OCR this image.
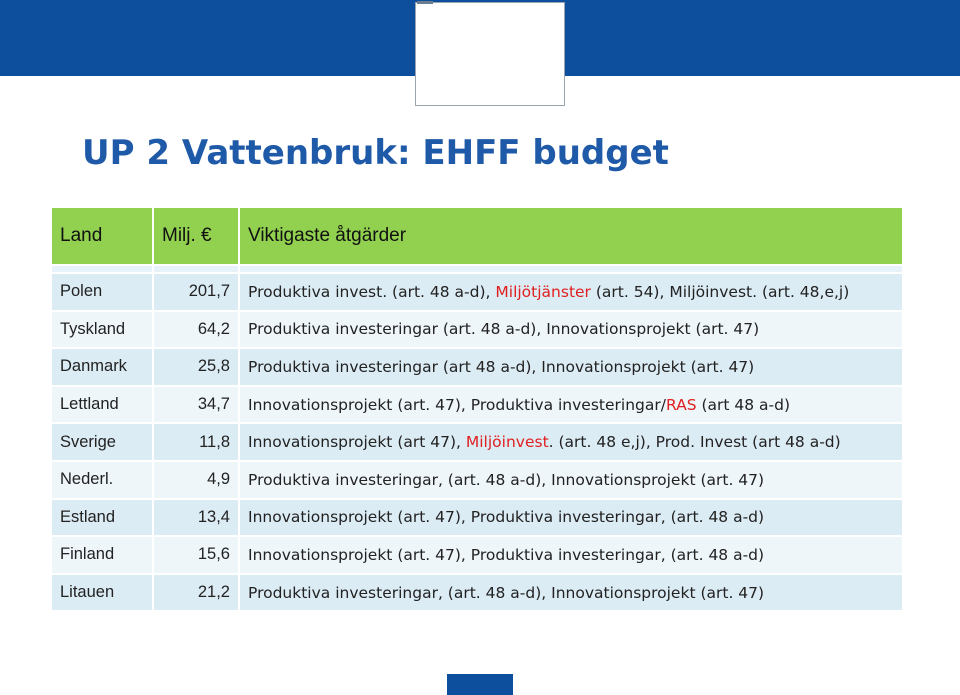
UP 2 Vattenbruk: EHFF budget
Land	Milj. €	Viktigaste åtgärder

Polen	201,7	Produktiva invest. (art. 48 a-d), Miljötjänster (art. 54), Miljöinvest. (art. 48,e,j)
Tyskland	64,2	Produktiva investeringar (art. 48 a-d), Innovationsprojekt (art. 47)
Danmark	25,8	Produktiva investeringar (art 48 a-d), Innovationsprojekt (art. 47)
Lettland	34,7	Innovationsprojekt (art. 47), Produktiva investeringar/RAS (art 48 a-d)
Sverige	11,8	Innovationsprojekt (art 47), Miljöinvest. (art. 48 e,j), Prod. Invest (art 48 a-d)
Nederl.	4,9	Produktiva investeringar, (art. 48 a-d), Innovationsprojekt (art. 47)
Estland	13,4	Innovationsprojekt (art. 47), Produktiva investeringar, (art. 48 a-d)
Finland	15,6	Innovationsprojekt (art. 47), Produktiva investeringar, (art. 48 a-d)
Litauen	21,2	Produktiva investeringar, (art. 48 a-d), Innovationsprojekt (art. 47)
